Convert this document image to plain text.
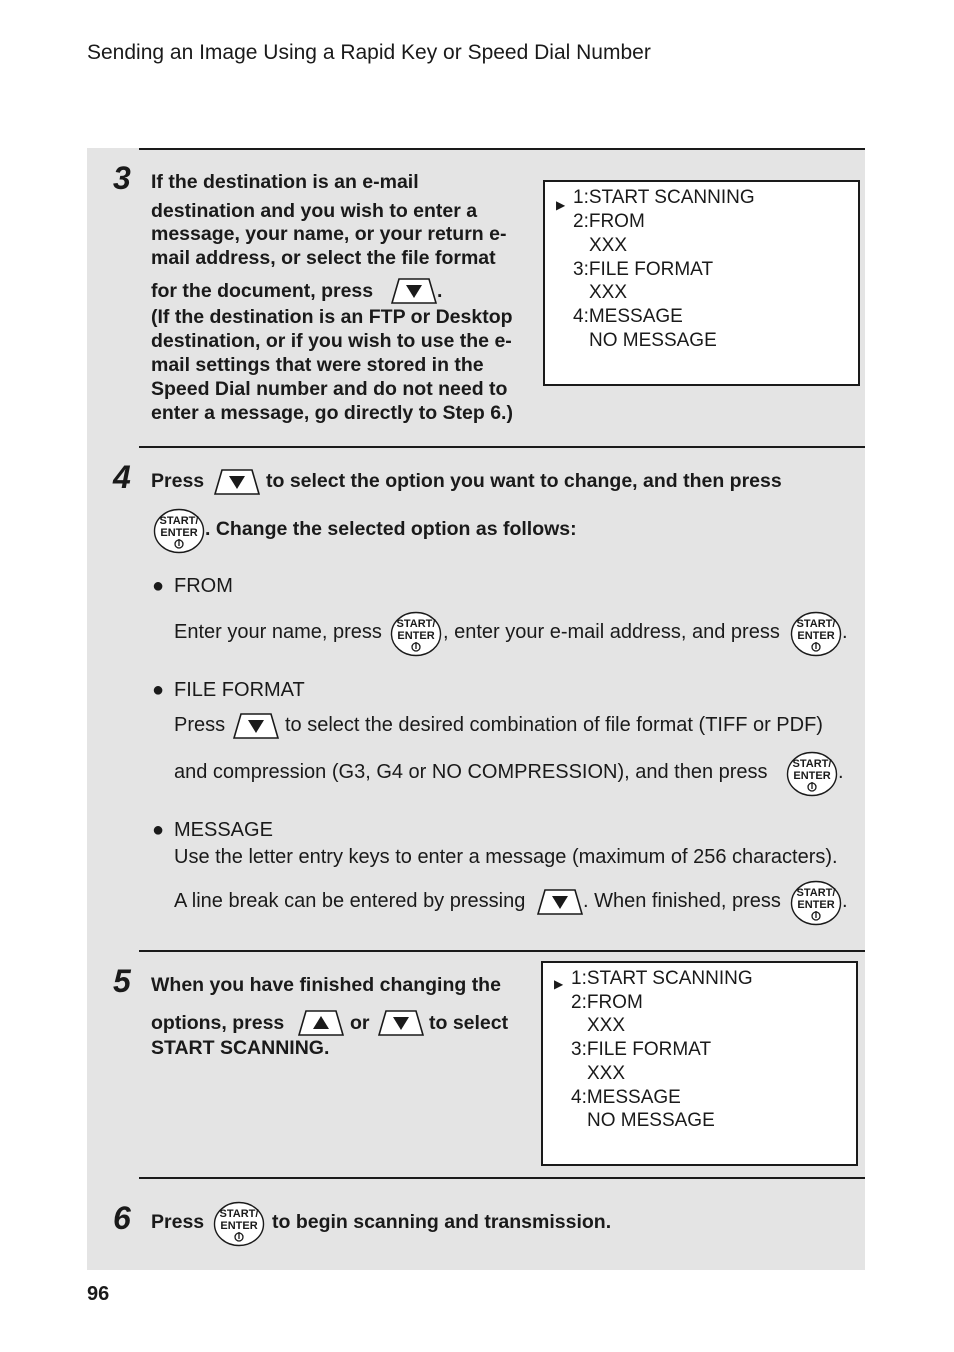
Sending an Image Using a Rapid Key or Speed Dial Number
3 If the destination is an e-mail
destination and you wish to enter a
message, your name, or your return e-
mail address, or select the file format
for the document, press	.
(If the destination is an FTP or Desktop
destination, or if you wish to use the e-
mail settings that were stored in the
Speed Dial number and do not need to
enter a message, go directly to Step 6.)
▶ 1:START SCANNING
2:FROM
XXX
3:FILE FORMAT
XXX
4:MESSAGE
NO MESSAGE
4 Press	to select the option you want to change, and then press
START/
ENTER . Change the selected option as follows:
● FROM
Enter your name, press START/
ENTER , enter your e-mail address, and press START/
ENTER .
● FILE FORMAT
Press	to select the desired combination of file format (TIFF or PDF)
and compression (G3, G4 or NO COMPRESSION), and then press START/
ENTER .
● MESSAGE
Use the letter entry keys to enter a message (maximum of 256 characters).
A line break can be entered by pressing	. When finished, press START/
ENTER .
5 When you have finished changing the
options, press	or	to select
START SCANNING.
▶ 1:START SCANNING
2:FROM
XXX
3:FILE FORMAT
XXX
4:MESSAGE
NO MESSAGE
6 Press START/
ENTER to begin scanning and transmission.
96
